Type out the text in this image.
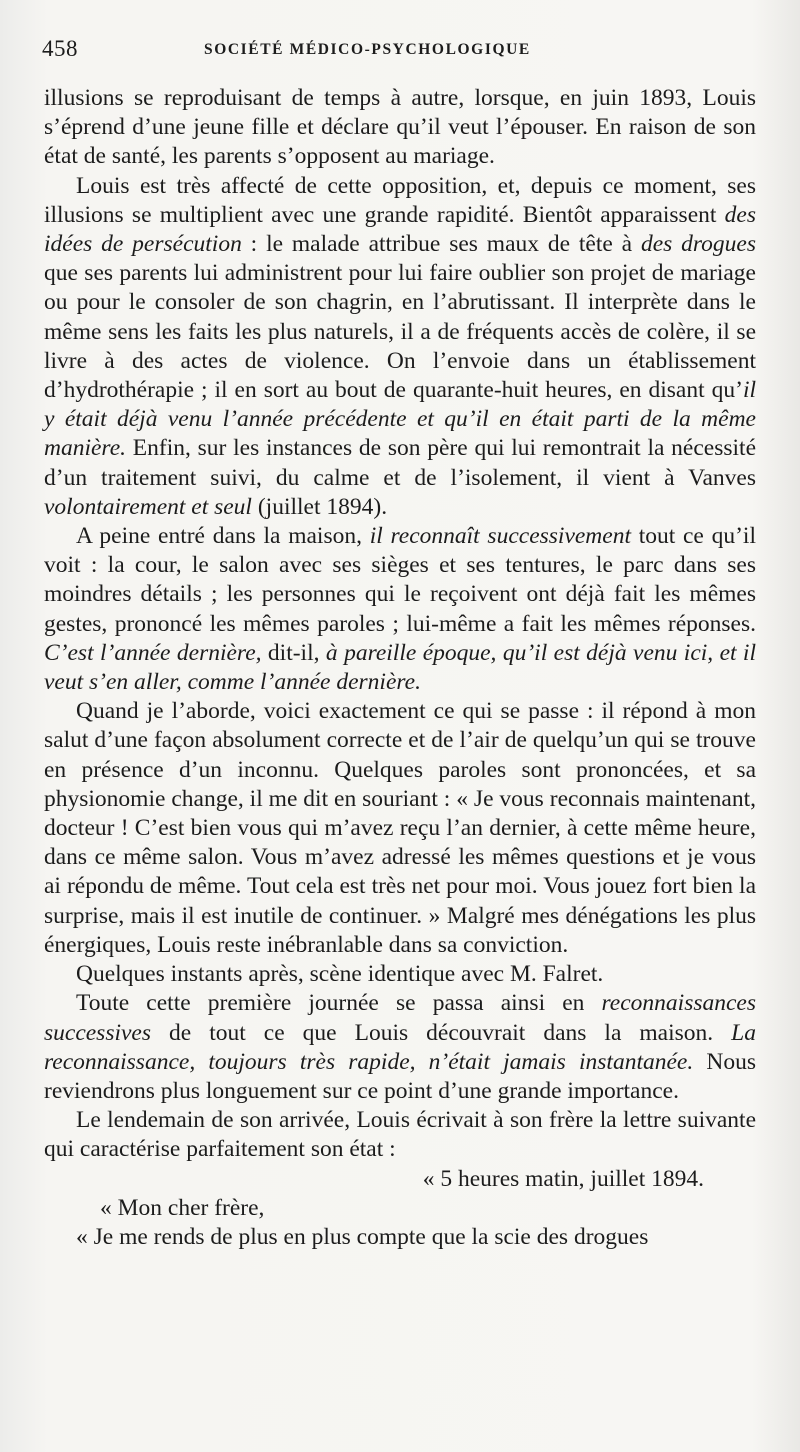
458	SOCIÉTÉ MÉDICO-PSYCHOLOGIQUE

illusions se reproduisant de temps à autre, lorsque, en juin 1893, Louis s’éprend d’une jeune fille et déclare qu’il veut l’épouser. En raison de son état de santé, les parents s’opposent au mariage.

Louis est très affecté de cette opposition, et, depuis ce moment, ses illusions se multiplient avec une grande rapidité. Bientôt apparaissent des idées de persécution : le malade attribue ses maux de tête à des drogues que ses parents lui administrent pour lui faire oublier son projet de mariage ou pour le consoler de son chagrin, en l’abrutissant. Il interprète dans le même sens les faits les plus naturels, il a de fréquents accès de colère, il se livre à des actes de violence. On l’envoie dans un établissement d’hydrothérapie ; il en sort au bout de quarante-huit heures, en disant qu’il y était déjà venu l’année précédente et qu’il en était parti de la même manière. Enfin, sur les instances de son père qui lui remontrait la nécessité d’un traitement suivi, du calme et de l’isolement, il vient à Vanves volontairement et seul (juillet 1894).

A peine entré dans la maison, il reconnaît successivement tout ce qu’il voit : la cour, le salon avec ses sièges et ses tentures, le parc dans ses moindres détails ; les personnes qui le reçoivent ont déjà fait les mêmes gestes, prononcé les mêmes paroles ; lui-même a fait les mêmes réponses. C’est l’année dernière, dit-il, à pareille époque, qu’il est déjà venu ici, et il veut s’en aller, comme l’année dernière.

Quand je l’aborde, voici exactement ce qui se passe : il répond à mon salut d’une façon absolument correcte et de l’air de quelqu’un qui se trouve en présence d’un inconnu. Quelques paroles sont prononcées, et sa physionomie change, il me dit en souriant : « Je vous reconnais maintenant, docteur ! C’est bien vous qui m’avez reçu l’an dernier, à cette même heure, dans ce même salon. Vous m’avez adressé les mêmes questions et je vous ai répondu de même. Tout cela est très net pour moi. Vous jouez fort bien la surprise, mais il est inutile de continuer. » Malgré mes dénégations les plus énergiques, Louis reste inébranlable dans sa conviction.

Quelques instants après, scène identique avec M. Falret.

Toute cette première journée se passa ainsi en reconnaissances successives de tout ce que Louis découvrait dans la maison. La reconnaissance, toujours très rapide, n’était jamais instantanée. Nous reviendrons plus longuement sur ce point d’une grande importance.

Le lendemain de son arrivée, Louis écrivait à son frère la lettre suivante qui caractérise parfaitement son état :

« 5 heures matin, juillet 1894.

« Mon cher frère,

« Je me rends de plus en plus compte que la scie des drogues
